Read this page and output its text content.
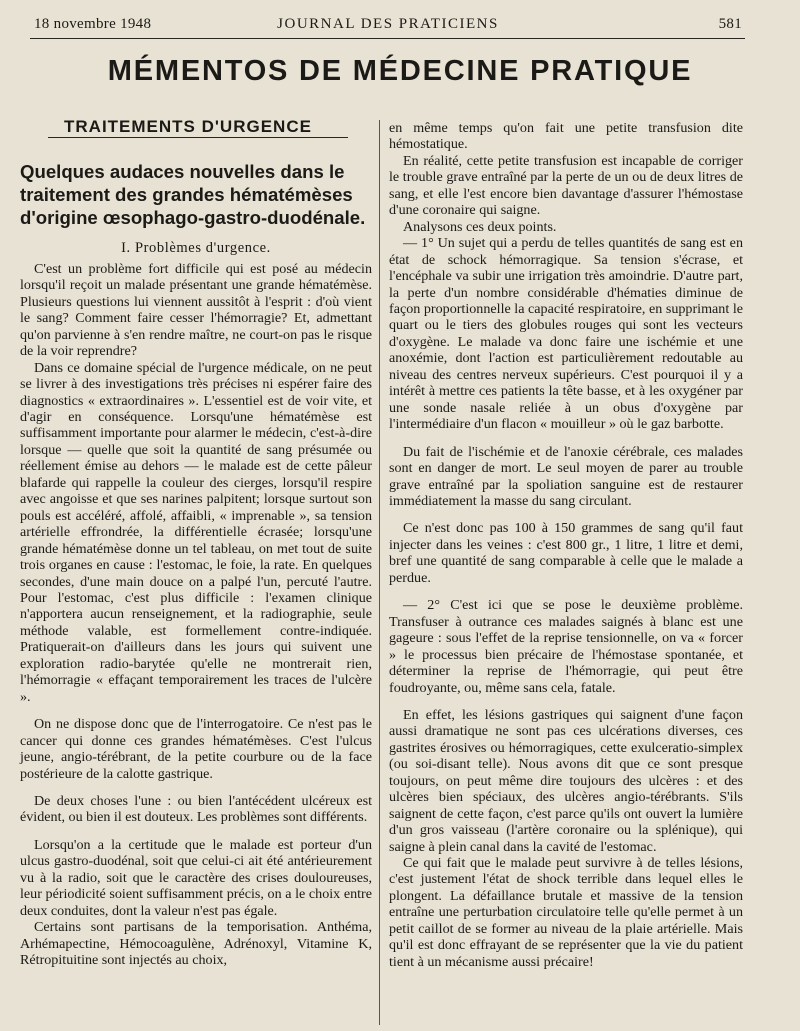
18 novembre 1948	JOURNAL DES PRATICIENS	581
MÉMENTOS DE MÉDECINE PRATIQUE
TRAITEMENTS D'URGENCE
Quelques audaces nouvelles dans le traitement des grandes hématémèses d'origine œsophago-gastro-duodénale.
I. Problèmes d'urgence.

C'est un problème fort difficile qui est posé au médecin lorsqu'il reçoit un malade présentant une grande hématémèse. Plusieurs questions lui viennent aussitôt à l'esprit : d'où vient le sang? Comment faire cesser l'hémorragie? Et, admettant qu'on parvienne à s'en rendre maître, ne court-on pas le risque de la voir reprendre?

Dans ce domaine spécial de l'urgence médicale, on ne peut se livrer à des investigations très précises ni espérer faire des diagnostics « extraordinaires ». L'essentiel est de voir vite, et d'agir en conséquence. Lorsqu'une hématémèse est suffisamment importante pour alarmer le médecin, c'est-à-dire lorsque — quelle que soit la quantité de sang présumée ou réellement émise au dehors — le malade est de cette pâleur blafarde qui rappelle la couleur des cierges, lorsqu'il respire avec angoisse et que ses narines palpitent; lorsque surtout son pouls est accéléré, affolé, affaibli, « imprenable », sa tension artérielle effrondrée, la différentielle écrasée; lorsqu'une grande hématémèse donne un tel tableau, on met tout de suite trois organes en cause : l'estomac, le foie, la rate. En quelques secondes, d'une main douce on a palpé l'un, percuté l'autre. Pour l'estomac, c'est plus difficile : l'examen clinique n'apportera aucun renseignement, et la radiographie, seule méthode valable, est formellement contre-indiquée. Pratiquerait-on d'ailleurs dans les jours qui suivent une exploration radio-barytée qu'elle ne montrerait rien, l'hémorragie « effaçant temporairement les traces de l'ulcère ».

On ne dispose donc que de l'interrogatoire. Ce n'est pas le cancer qui donne ces grandes hématémèses. C'est l'ulcus jeune, angio-térébrant, de la petite courbure ou de la face postérieure de la calotte gastrique.

De deux choses l'une : ou bien l'antécédent ulcéreux est évident, ou bien il est douteux. Les problèmes sont différents.

Lorsqu'on a la certitude que le malade est porteur d'un ulcus gastro-duodénal, soit que celui-ci ait été antérieurement vu à la radio, soit que le caractère des crises douloureuses, leur périodicité soient suffisamment précis, on a le choix entre deux conduites, dont la valeur n'est pas égale.

Certains sont partisans de la temporisation. Anthéma, Arhémapectine, Hémocoagulène, Adrénoxyl, Vitamine K, Rétropituitine sont injectés au choix,

en même temps qu'on fait une petite transfusion dite hémostatique.

En réalité, cette petite transfusion est incapable de corriger le trouble grave entraîné par la perte de un ou de deux litres de sang, et elle l'est encore bien davantage d'assurer l'hémostase d'une coronaire qui saigne.

Analysons ces deux points.

— 1° Un sujet qui a perdu de telles quantités de sang est en état de schock hémorragique. Sa tension s'écrase, et l'encéphale va subir une irrigation très amoindrie. D'autre part, la perte d'un nombre considérable d'hématies diminue de façon proportionnelle la capacité respiratoire, en supprimant le quart ou le tiers des globules rouges qui sont les vecteurs d'oxygène. Le malade va donc faire une ischémie et une anoxémie, dont l'action est particulièrement redoutable au niveau des centres nerveux supérieurs. C'est pourquoi il y a intérêt à mettre ces patients la tête basse, et à les oxygéner par une sonde nasale reliée à un obus d'oxygène par l'intermédiaire d'un flacon « mouilleur » où le gaz barbotte.

Du fait de l'ischémie et de l'anoxie cérébrale, ces malades sont en danger de mort. Le seul moyen de parer au trouble grave entraîné par la spoliation sanguine est de restaurer immédiatement la masse du sang circulant.

Ce n'est donc pas 100 à 150 grammes de sang qu'il faut injecter dans les veines : c'est 800 gr., 1 litre, 1 litre et demi, bref une quantité de sang comparable à celle que le malade a perdue.

— 2° C'est ici que se pose le deuxième problème. Transfuser à outrance ces malades saignés à blanc est une gageure : sous l'effet de la reprise tensionnelle, on va « forcer » le processus bien précaire de l'hémostase spontanée, et déterminer la reprise de l'hémorragie, qui peut être foudroyante, ou, même sans cela, fatale.

En effet, les lésions gastriques qui saignent d'une façon aussi dramatique ne sont pas ces ulcérations diverses, ces gastrites érosives ou hémorragiques, cette exulceratio-simplex (ou soi-disant telle). Nous avons dit que ce sont presque toujours, on peut même dire toujours des ulcères : et des ulcères bien spéciaux, des ulcères angio-térébrants. S'ils saignent de cette façon, c'est parce qu'ils ont ouvert la lumière d'un gros vaisseau (l'artère coronaire ou la splénique), qui saigne à plein canal dans la cavité de l'estomac.

Ce qui fait que le malade peut survivre à de telles lésions, c'est justement l'état de shock terrible dans lequel elles le plongent. La défaillance brutale et massive de la tension entraîne une perturbation circulatoire telle qu'elle permet à un petit caillot de se former au niveau de la plaie artérielle. Mais qu'il est donc effrayant de se représenter que la vie du patient tient à un mécanisme aussi précaire!
